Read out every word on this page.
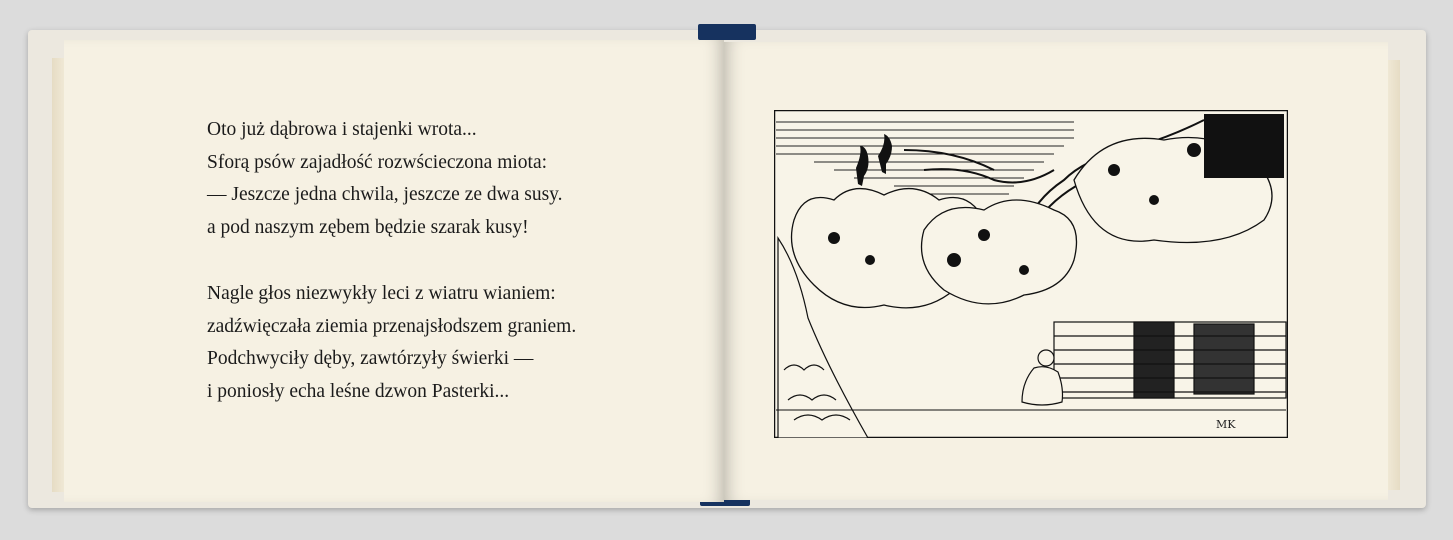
Oto już dąbrowa i stajenki wrota...
Sforą psów zajadłość rozwścieczona miota:
— Jeszcze jedna chwila, jeszcze ze dwa susy.
a pod naszym zębem będzie szarak kusy!
Nagle głos niezwykły leci z wiatru wianiem:
zadźwięczała ziemia przenajsłodszem graniem.
Podchwyciły dęby, zawtórzyły świerki —
i poniosły echa leśne dzwon Pasterki...
MK
